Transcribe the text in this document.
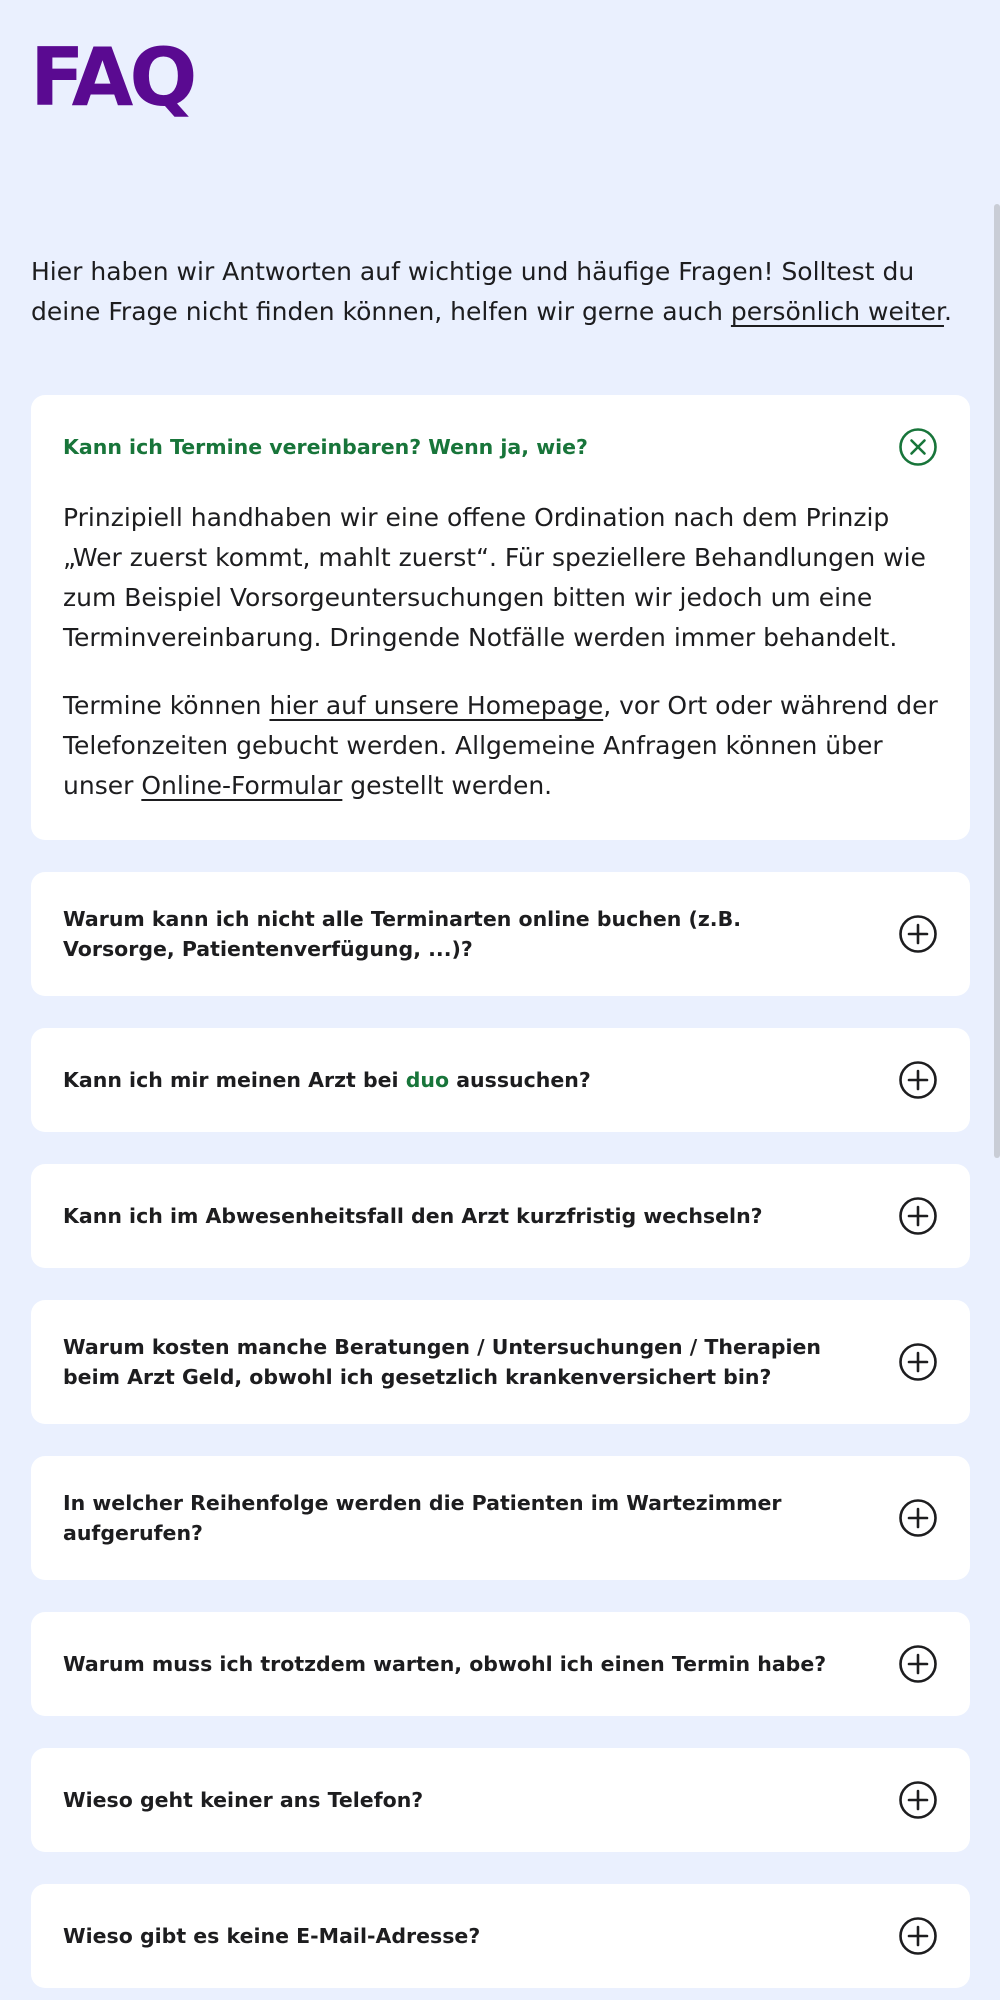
FAQ

Hier haben wir Antworten auf wichtige und häufige Fragen! Solltest du deine Frage nicht finden können, helfen wir gerne auch persönlich weiter.

Kann ich Termine vereinbaren? Wenn ja, wie?

Prinzipiell handhaben wir eine offene Ordination nach dem Prinzip „Wer zuerst kommt, mahlt zuerst“. Für speziellere Behandlungen wie zum Beispiel Vorsorgeuntersuchungen bitten wir jedoch um eine Terminvereinbarung. Dringende Notfälle werden immer behandelt.

Termine können hier auf unsere Homepage, vor Ort oder während der Telefonzeiten gebucht werden. Allgemeine Anfragen können über unser Online-Formular gestellt werden.

Warum kann ich nicht alle Terminarten online buchen (z.B. Vorsorge, Patientenverfügung, ...)?
Kann ich mir meinen Arzt bei duo aussuchen?
Kann ich im Abwesenheitsfall den Arzt kurzfristig wechseln?
Warum kosten manche Beratungen / Untersuchungen / Therapien beim Arzt Geld, obwohl ich gesetzlich krankenversichert bin?
In welcher Reihenfolge werden die Patienten im Wartezimmer aufgerufen?
Warum muss ich trotzdem warten, obwohl ich einen Termin habe?
Wieso geht keiner ans Telefon?
Wieso gibt es keine E-Mail-Adresse?
